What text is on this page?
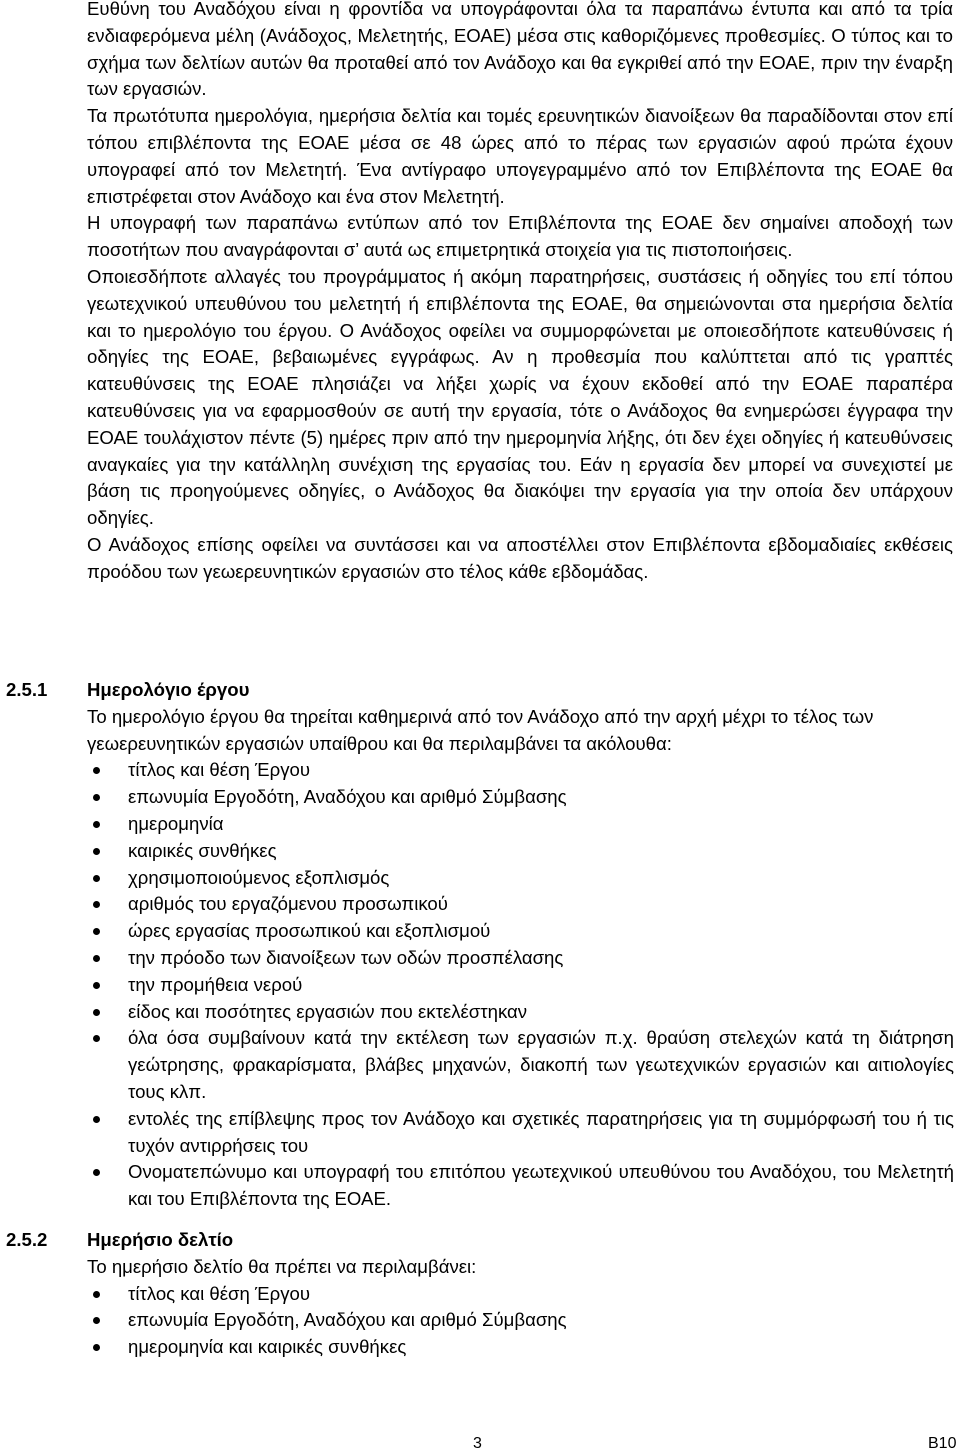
Ευθύνη του Αναδόχου είναι η φροντίδα να υπογράφονται όλα τα παραπάνω έντυπα και από τα τρία ενδιαφερόμενα μέλη (Ανάδοχος, Μελετητής, ΕΟΑΕ) μέσα στις καθοριζόμενες προθεσμίες. Ο τύπος και το σχήμα των δελτίων αυτών θα προταθεί από τον Ανάδοχο και θα εγκριθεί από την ΕΟΑΕ, πριν την έναρξη των εργασιών.

Τα πρωτότυπα ημερολόγια, ημερήσια δελτία και τομές ερευνητικών διανοίξεων θα παραδίδονται στον επί τόπου επιβλέποντα της ΕΟΑΕ μέσα σε 48 ώρες από το πέρας των εργασιών αφού πρώτα έχουν υπογραφεί από τον Μελετητή. Ένα αντίγραφο υπογεγραμμένο από τον Επιβλέποντα της ΕΟΑΕ θα επιστρέφεται στον Ανάδοχο και ένα στον Μελετητή.

Η υπογραφή των παραπάνω εντύπων από τον Επιβλέποντα της ΕΟΑΕ δεν σημαίνει αποδοχή των ποσοτήτων που αναγράφονται σ’ αυτά ως επιμετρητικά στοιχεία για τις πιστοποιήσεις.

Οποιεσδήποτε αλλαγές του προγράμματος ή ακόμη παρατηρήσεις, συστάσεις ή οδηγίες του επί τόπου γεωτεχνικού υπευθύνου του μελετητή ή επιβλέποντα της ΕΟΑΕ, θα σημειώνονται στα ημερήσια δελτία και το ημερολόγιο του έργου. Ο Ανάδοχος οφείλει να συμμορφώνεται με οποιεσδήποτε κατευθύνσεις ή οδηγίες της ΕΟΑΕ, βεβαιωμένες εγγράφως. Αν η προθεσμία που καλύπτεται από τις γραπτές κατευθύνσεις της ΕΟΑΕ πλησιάζει να λήξει χωρίς να έχουν εκδοθεί από την ΕΟΑΕ παραπέρα κατευθύνσεις για να εφαρμοσθούν σε αυτή την εργασία, τότε ο Ανάδοχος θα ενημερώσει έγγραφα την ΕΟΑΕ τουλάχιστον πέντε (5) ημέρες πριν από την ημερομηνία λήξης, ότι δεν έχει οδηγίες ή κατευθύνσεις αναγκαίες για την κατάλληλη συνέχιση της εργασίας του. Εάν η εργασία δεν μπορεί να συνεχιστεί με βάση τις προηγούμενες οδηγίες, ο Ανάδοχος θα διακόψει την εργασία για την οποία δεν υπάρχουν οδηγίες.

Ο Ανάδοχος επίσης οφείλει να συντάσσει και να αποστέλλει στον Επιβλέποντα εβδομαδιαίες εκθέσεις προόδου των γεωερευνητικών εργασιών στο τέλος κάθε εβδομάδας.

2.5.1 Ημερολόγιο έργου

Το ημερολόγιο έργου θα τηρείται καθημερινά από τον Ανάδοχο από την αρχή μέχρι το τέλος των γεωερευνητικών εργασιών υπαίθρου και θα περιλαμβάνει τα ακόλουθα:

τίτλος και θέση Έργου
επωνυμία Εργοδότη, Αναδόχου και αριθμό Σύμβασης
ημερομηνία
καιρικές συνθήκες
χρησιμοποιούμενος εξοπλισμός
αριθμός του εργαζόμενου προσωπικού
ώρες εργασίας προσωπικού και εξοπλισμού
την πρόοδο των διανοίξεων των οδών προσπέλασης
την προμήθεια νερού
είδος και ποσότητες εργασιών που εκτελέστηκαν
όλα όσα συμβαίνουν κατά την εκτέλεση των εργασιών π.χ. θραύση στελεχών κατά τη διάτρηση γεώτρησης, φρακαρίσματα, βλάβες μηχανών, διακοπή των γεωτεχνικών εργασιών και αιτιολογίες τους κλπ.
εντολές της επίβλεψης προς τον Ανάδοχο και σχετικές παρατηρήσεις για τη συμμόρφωσή του ή τις τυχόν αντιρρήσεις του
Ονοματεπώνυμο και υπογραφή του επιτόπου γεωτεχνικού υπευθύνου του Αναδόχου, του Μελετητή και του Επιβλέποντα της ΕΟΑΕ.
2.5.2 Ημερήσιο δελτίο

Το ημερήσιο δελτίο θα πρέπει να περιλαμβάνει:

τίτλος και θέση Έργου
επωνυμία Εργοδότη, Αναδόχου και αριθμό Σύμβασης
ημερομηνία και καιρικές συνθήκες
3	B10
